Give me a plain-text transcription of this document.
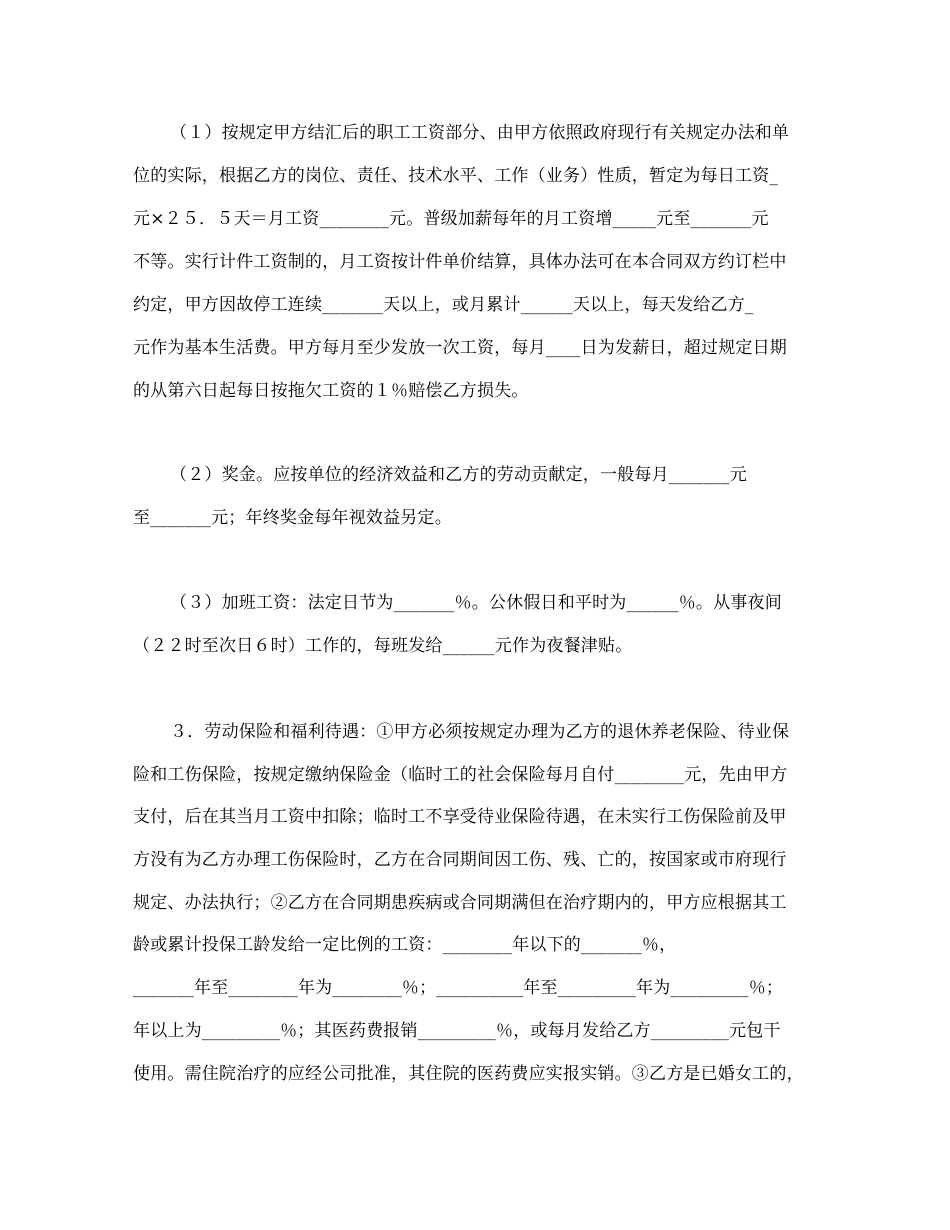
（１）按规定甲方结汇后的职工工资部分、由甲方依照政府现行有关规定办法和单
位的实际，根据乙方的岗位、责任、技术水平、工作（业务）性质，暂定为每日工资_
元×２５．５天＝月工资________元。普级加薪每年的月工资增_____元至_______元
不等。实行计件工资制的，月工资按计件单价结算，具体办法可在本合同双方约订栏中
约定，甲方因故停工连续_______天以上，或月累计______天以上，每天发给乙方_
元作为基本生活费。甲方每月至少发放一次工资，每月____日为发薪日，超过规定日期
的从第六日起每日按拖欠工资的１％赔偿乙方损失。
（２）奖金。应按单位的经济效益和乙方的劳动贡献定，一般每月_______元
至_______元；年终奖金每年视效益另定。
（３）加班工资：法定日节为_______％。公休假日和平时为______％。从事夜间
（２２时至次日６时）工作的，每班发给______元作为夜餐津贴。
３．劳动保险和福利待遇：①甲方必须按规定办理为乙方的退休养老保险、待业保
险和工伤保险，按规定缴纳保险金（临时工的社会保险每月自付________元，先由甲方
支付，后在其当月工资中扣除；临时工不享受待业保险待遇，在未实行工伤保险前及甲
方没有为乙方办理工伤保险时，乙方在合同期间因工伤、残、亡的，按国家或市府现行
规定、办法执行；②乙方在合同期患疾病或合同期满但在治疗期内的，甲方应根据其工
龄或累计投保工龄发给一定比例的工资：________年以下的_______％，
_______年至________年为________％；__________年至_________年为_________％；
年以上为_________％；其医药费报销_________％，或每月发给乙方_________元包干
使用。需住院治疗的应经公司批准，其住院的医药费应实报实销。③乙方是已婚女工的，
